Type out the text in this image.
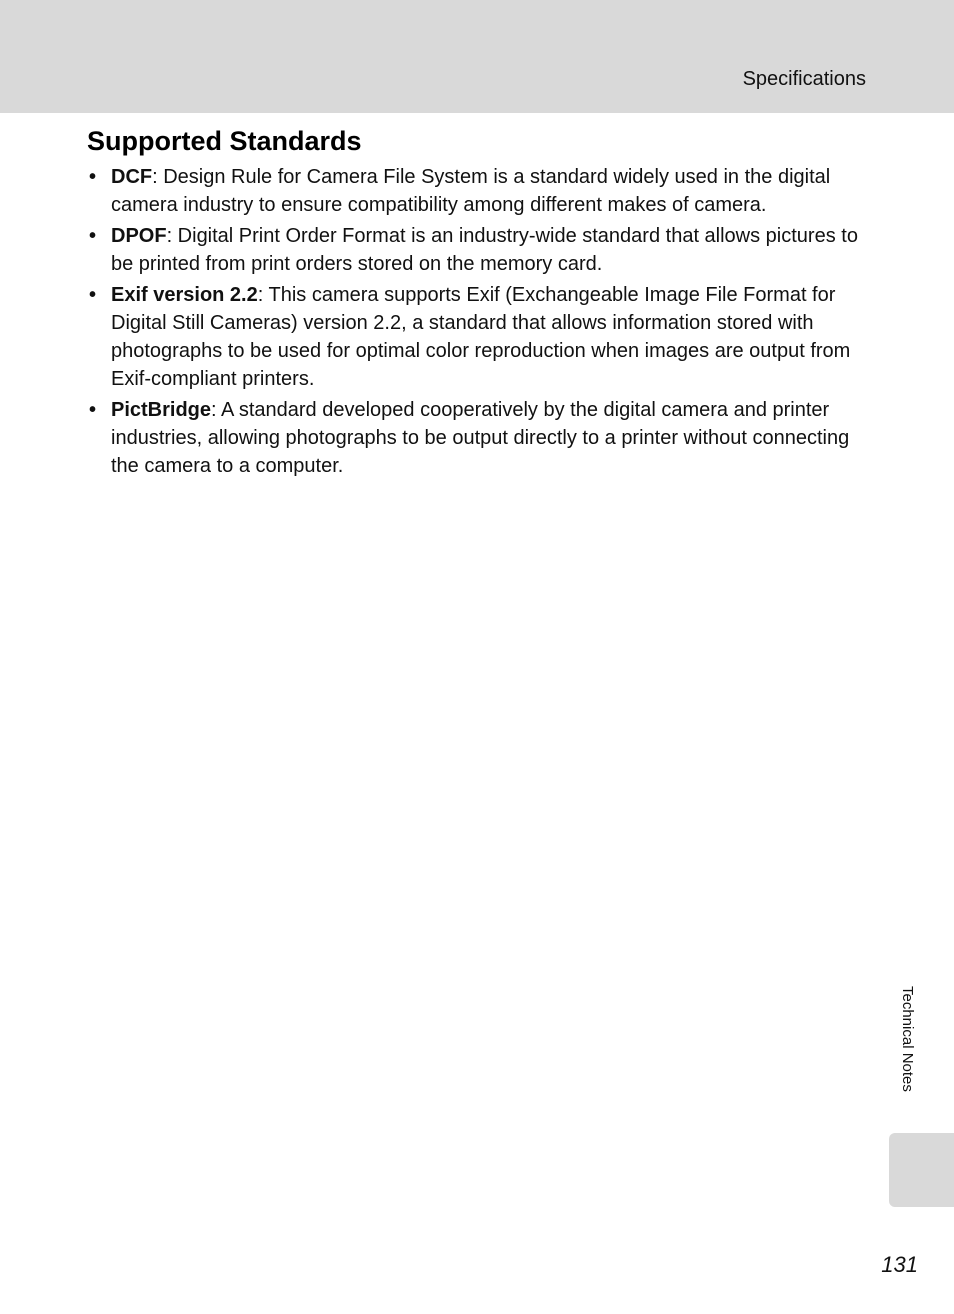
Specifications
Supported Standards
• DCF: Design Rule for Camera File System is a standard widely used in the digital camera industry to ensure compatibility among different makes of camera.
• DPOF: Digital Print Order Format is an industry-wide standard that allows pictures to be printed from print orders stored on the memory card.
• Exif version 2.2: This camera supports Exif (Exchangeable Image File Format for Digital Still Cameras) version 2.2, a standard that allows information stored with photographs to be used for optimal color reproduction when images are output from Exif-compliant printers.
• PictBridge: A standard developed cooperatively by the digital camera and printer industries, allowing photographs to be output directly to a printer without connecting the camera to a computer.
Technical Notes
131
